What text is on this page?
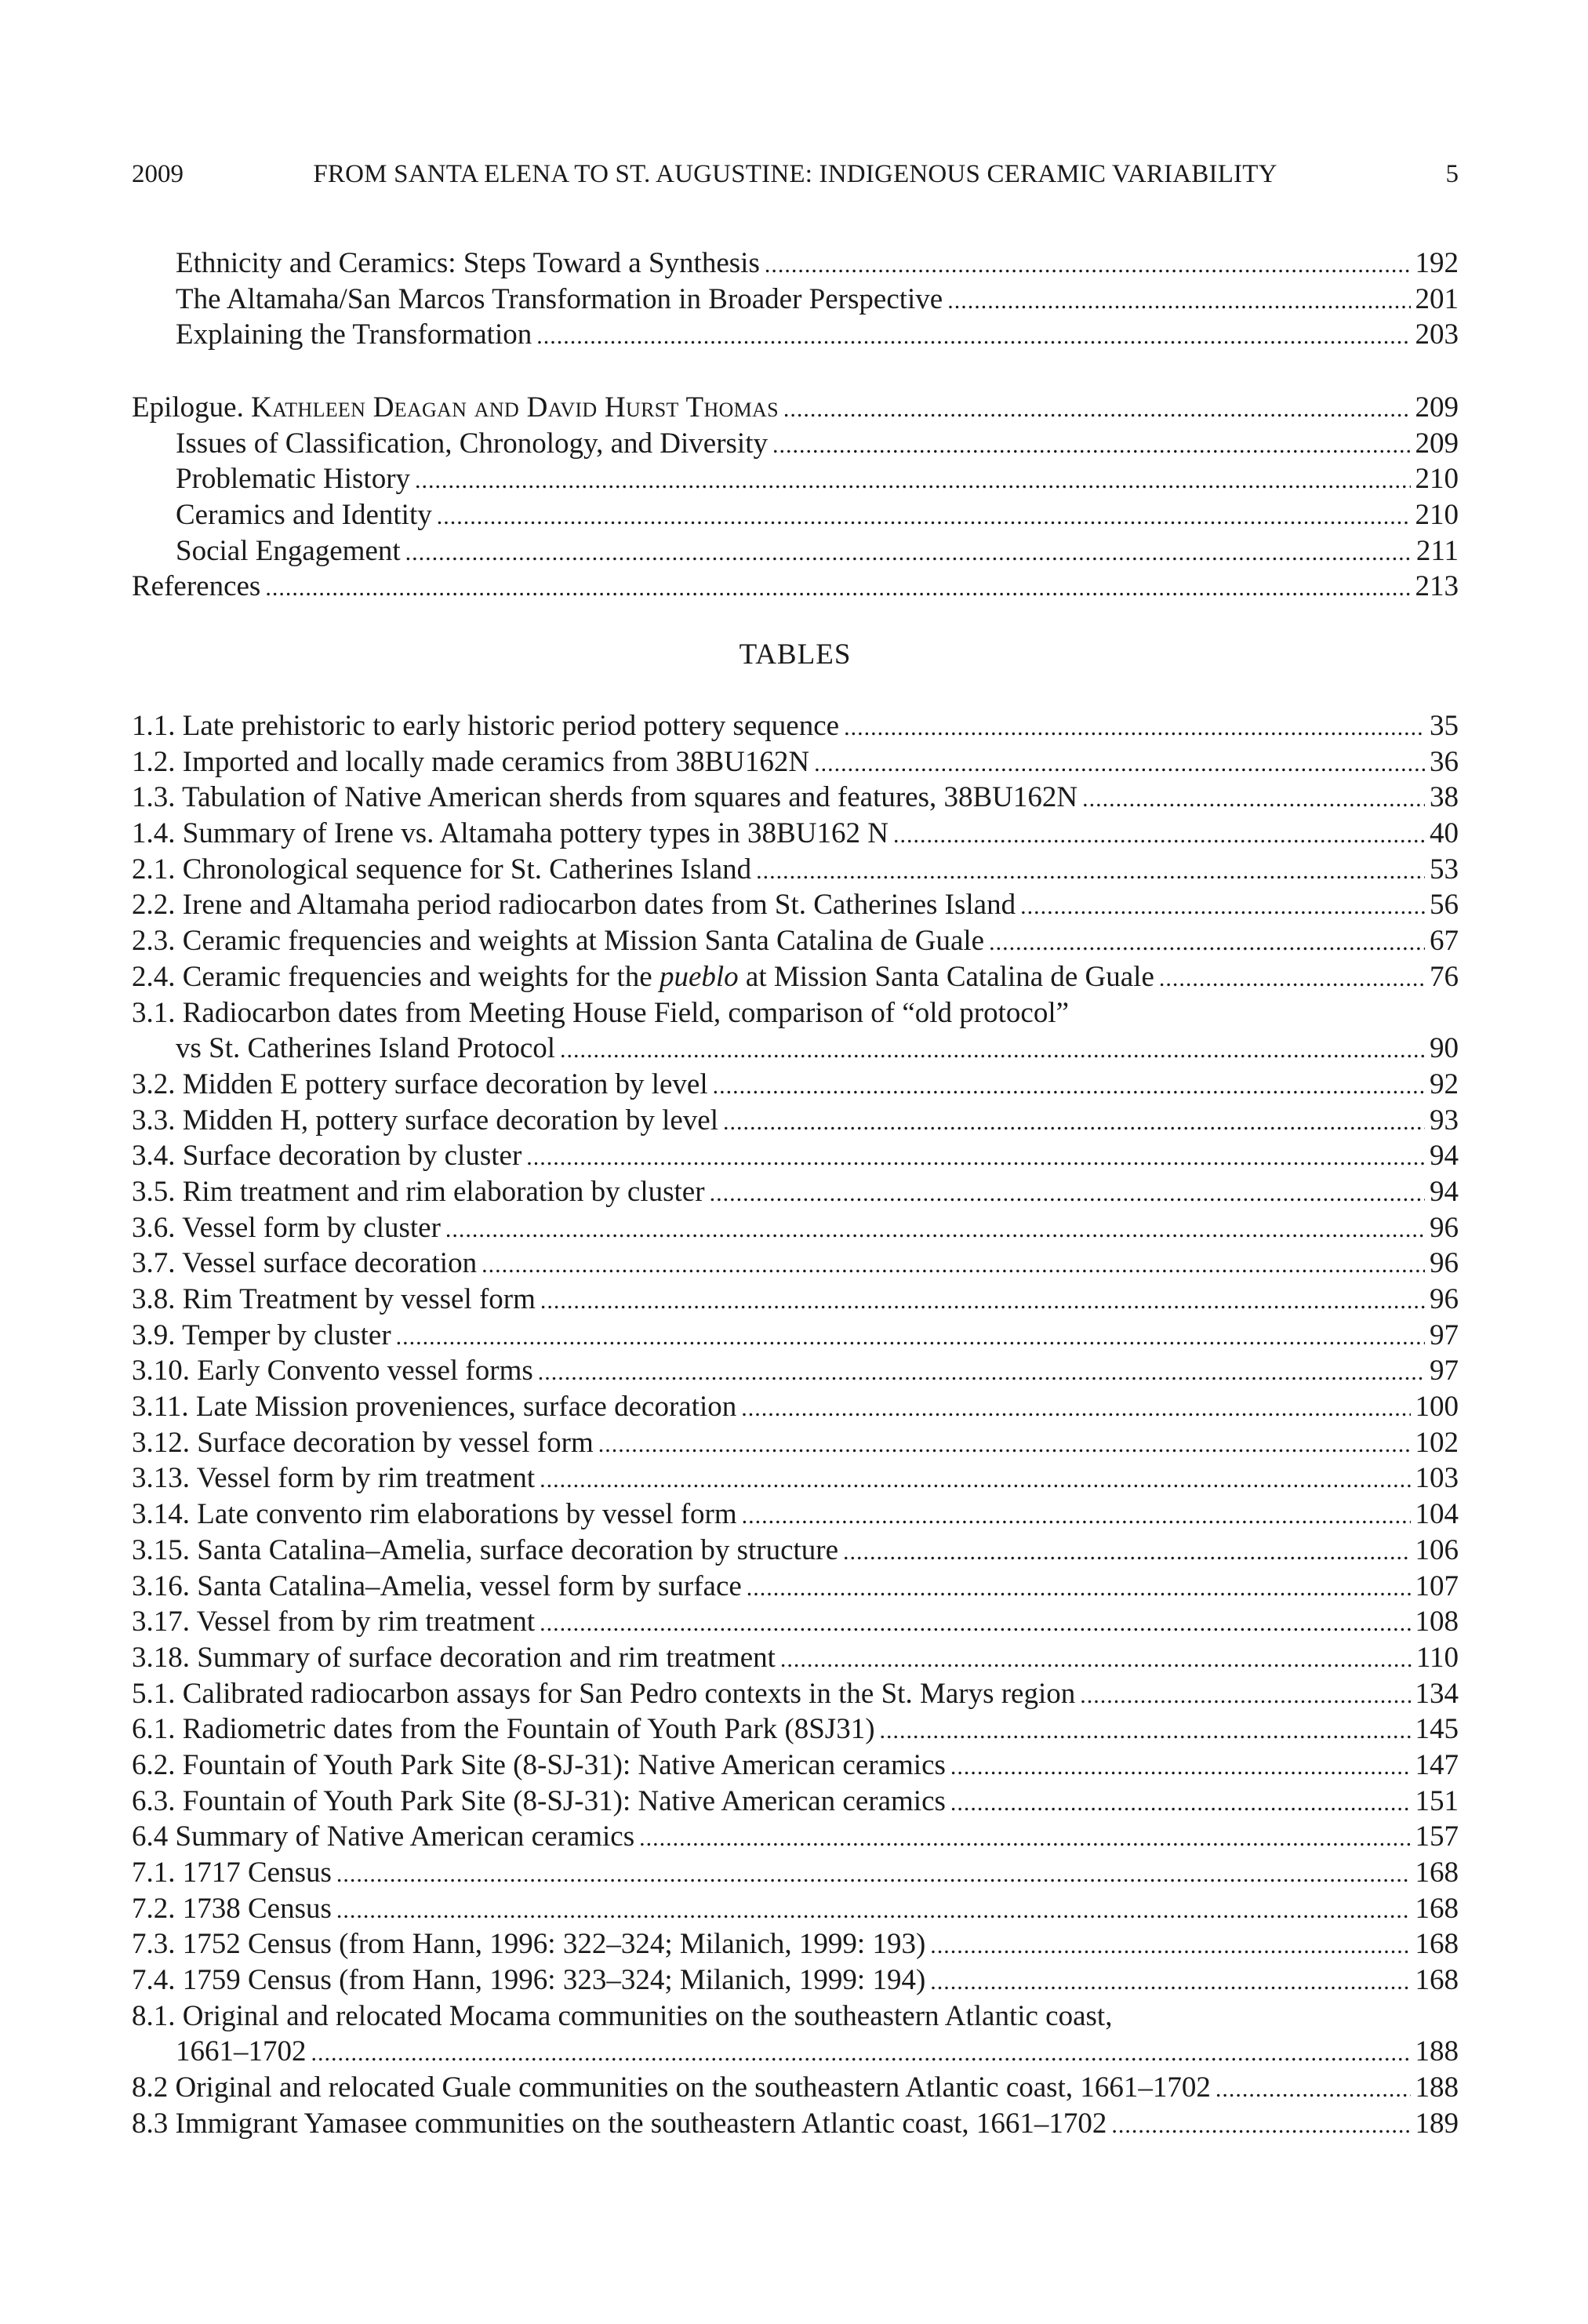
2009	FROM SANTA ELENA TO ST. AUGUSTINE: INDIGENOUS CERAMIC VARIABILITY	5
Ethnicity and Ceramics: Steps Toward a Synthesis .....	192
The Altamaha/San Marcos Transformation in Broader Perspective .....	201
Explaining the Transformation .....	203
Epilogue. Kathleen Deagan and David Hurst Thomas .....	209
Issues of Classification, Chronology, and Diversity .....	209
Problematic History .....	210
Ceramics and Identity .....	210
Social Engagement .....	211
References .....	213
TABLES
1.1. Late prehistoric to early historic period pottery sequence .....	35
1.2. Imported and locally made ceramics from 38BU162N .....	36
1.3. Tabulation of Native American sherds from squares and features, 38BU162N .....	38
1.4. Summary of Irene vs. Altamaha pottery types in 38BU162 N .....	40
2.1. Chronological sequence for St. Catherines Island .....	53
2.2. Irene and Altamaha period radiocarbon dates from St. Catherines Island .....	56
2.3. Ceramic frequencies and weights at Mission Santa Catalina de Guale .....	67
2.4. Ceramic frequencies and weights for the pueblo at Mission Santa Catalina de Guale .....	76
3.1. Radiocarbon dates from Meeting House Field, comparison of “old protocol”
vs St. Catherines Island Protocol .....	90
3.2. Midden E pottery surface decoration by level .....	92
3.3. Midden H, pottery surface decoration by level .....	93
3.4. Surface decoration by cluster .....	94
3.5. Rim treatment and rim elaboration by cluster .....	94
3.6. Vessel form by cluster .....	96
3.7. Vessel surface decoration .....	96
3.8. Rim Treatment by vessel form .....	96
3.9. Temper by cluster .....	97
3.10. Early Convento vessel forms .....	97
3.11. Late Mission proveniences, surface decoration .....	100
3.12. Surface decoration by vessel form .....	102
3.13. Vessel form by rim treatment .....	103
3.14. Late convento rim elaborations by vessel form .....	104
3.15. Santa Catalina–Amelia, surface decoration by structure .....	106
3.16. Santa Catalina–Amelia, vessel form by surface .....	107
3.17. Vessel from by rim treatment .....	108
3.18. Summary of surface decoration and rim treatment .....	110
5.1. Calibrated radiocarbon assays for San Pedro contexts in the St. Marys region .....	134
6.1. Radiometric dates from the Fountain of Youth Park (8SJ31) .....	145
6.2. Fountain of Youth Park Site (8-SJ-31): Native American ceramics .....	147
6.3. Fountain of Youth Park Site (8-SJ-31): Native American ceramics .....	151
6.4 Summary of Native American ceramics .....	157
7.1. 1717 Census .....	168
7.2. 1738 Census .....	168
7.3. 1752 Census (from Hann, 1996: 322–324; Milanich, 1999: 193) .....	168
7.4. 1759 Census (from Hann, 1996: 323–324; Milanich, 1999: 194) .....	168
8.1. Original and relocated Mocama communities on the southeastern Atlantic coast,
1661–1702 .....	188
8.2 Original and relocated Guale communities on the southeastern Atlantic coast, 1661–1702 .....	188
8.3 Immigrant Yamasee communities on the southeastern Atlantic coast, 1661–1702 .....	189
